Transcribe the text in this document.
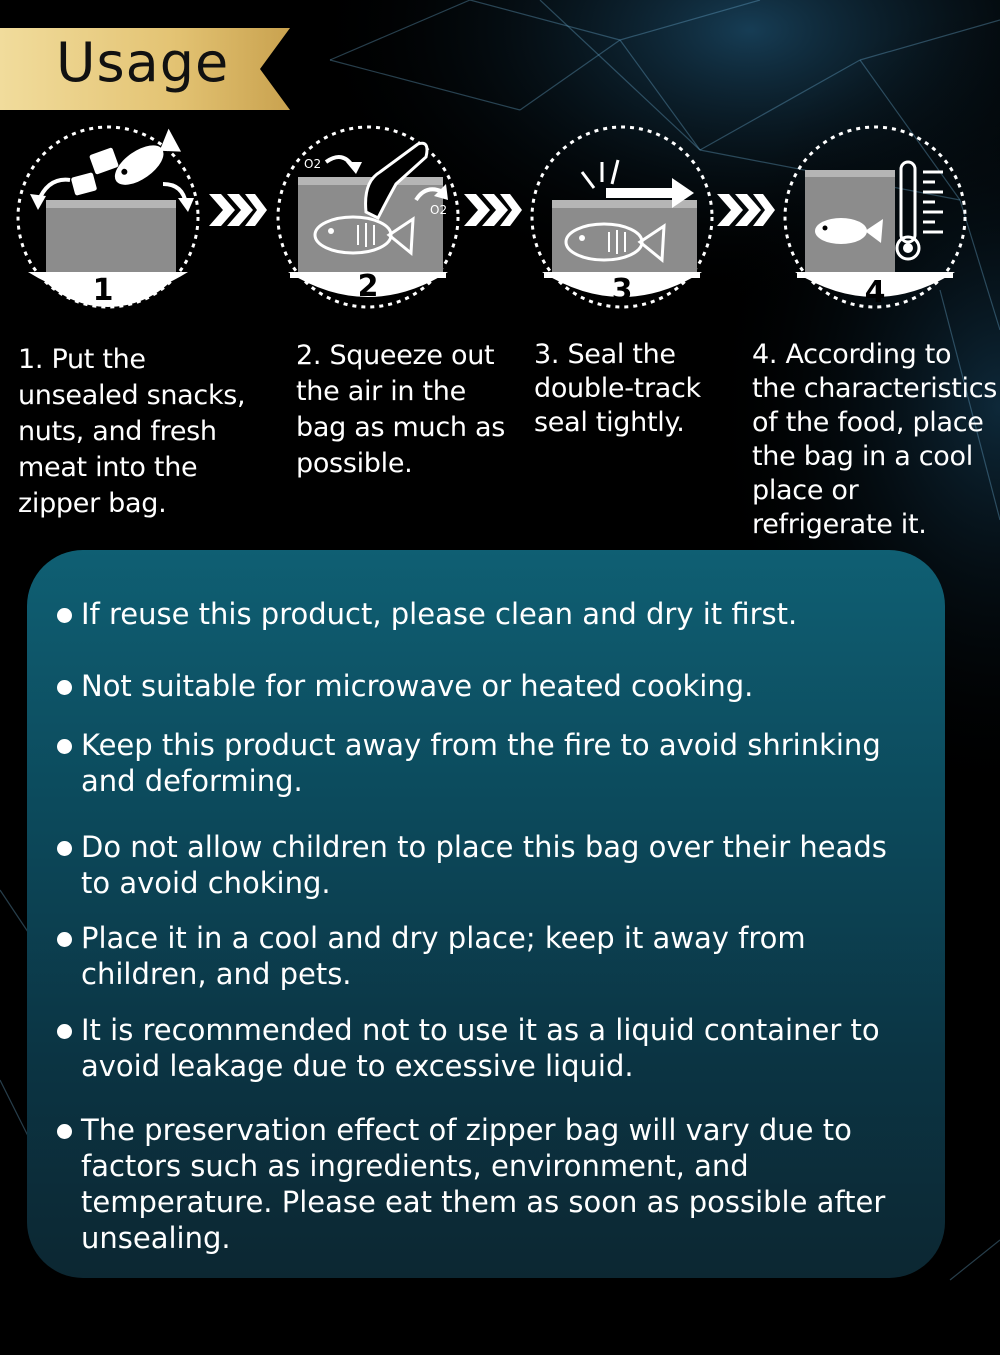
Usage
1
O2
O2
2	3	4
1. Put the unsealed snacks, nuts, and fresh meat into the zipper bag.
2. Squeeze out the air in the bag as much as possible.
3. Seal the double-track seal tightly.
4. According to the characteristics of the food, place the bag in a cool place or refrigerate it.
If reuse this product, please clean and dry it first.
Not suitable for microwave or heated cooking.
Keep this product away from the fire to avoid shrinking and deforming.
Do not allow children to place this bag over their heads to avoid choking.
Place it in a cool and dry place; keep it away from children, and pets.
It is recommended not to use it as a liquid container to avoid leakage due to excessive liquid.
The preservation effect of zipper bag will vary due to factors such as ingredients, environment, and temperature. Please eat them as soon as possible after unsealing.
